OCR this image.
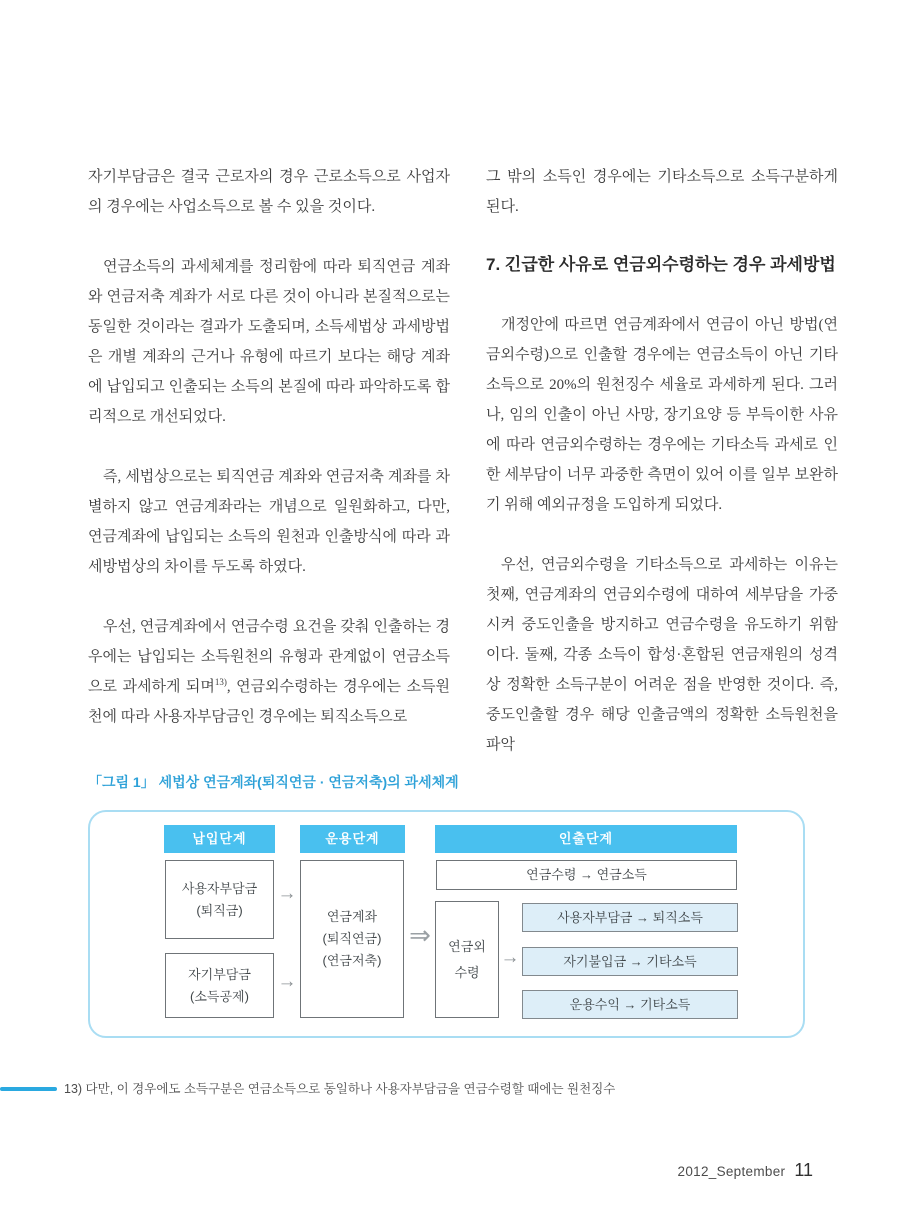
자기부담금은 결국 근로자의 경우 근로소득으로 사업자의 경우에는 사업소득으로 볼 수 있을 것이다.

연금소득의 과세체계를 정리함에 따라 퇴직연금 계좌와 연금저축 계좌가 서로 다른 것이 아니라 본질적으로는 동일한 것이라는 결과가 도출되며, 소득세법상 과세방법은 개별 계좌의 근거나 유형에 따르기 보다는 해당 계좌에 납입되고 인출되는 소득의 본질에 따라 파악하도록 합리적으로 개선되었다.

즉, 세법상으로는 퇴직연금 계좌와 연금저축 계좌를 차별하지 않고 연금계좌라는 개념으로 일원화하고, 다만, 연금계좌에 납입되는 소득의 원천과 인출방식에 따라 과세방법상의 차이를 두도록 하였다.

우선, 연금계좌에서 연금수령 요건을 갖춰 인출하는 경우에는 납입되는 소득원천의 유형과 관계없이 연금소득으로 과세하게 되며$^{13)}$, 연금외수령하는 경우에는 소득원천에 따라 사용자부담금인 경우에는 퇴직소득으로

그 밖의 소득인 경우에는 기타소득으로 소득구분하게 된다.

7. 긴급한 사유로 연금외수령하는 경우 과세방법

개정안에 따르면 연금계좌에서 연금이 아닌 방법(연금외수령)으로 인출할 경우에는 연금소득이 아닌 기타소득으로 20%의 원천징수 세율로 과세하게 된다. 그러나, 임의 인출이 아닌 사망, 장기요양 등 부득이한 사유에 따라 연금외수령하는 경우에는 기타소득 과세로 인한 세부담이 너무 과중한 측면이 있어 이를 일부 보완하기 위해 예외규정을 도입하게 되었다.

우선, 연금외수령을 기타소득으로 과세하는 이유는 첫째, 연금계좌의 연금외수령에 대하여 세부담을 가중시켜 중도인출을 방지하고 연금수령을 유도하기 위함이다. 둘째, 각종 소득이 합성·혼합된 연금재원의 성격상 정확한 소득구분이 어려운 점을 반영한 것이다. 즉, 중도인출할 경우 해당 인출금액의 정확한 소득원천을 파악

「그림 1」 세법상 연금계좌(퇴직연금 · 연금저축)의 과세체계
납입단계	운용단계	인출단계
사용자부담금
(퇴직금)
자기부담금
(소득공제)
→
→
연금계좌
(퇴직연금)
(연금저축)
⇒
연금수령 → 연금소득
연금외
수령
→
사용자부담금 → 퇴직소득
자기불입금 → 기타소득
운용수익 → 기타소득
13) 다만, 이 경우에도 소득구분은 연금소득으로 동일하나 사용자부담금을 연금수령할 때에는 원천징수
2012_September 11
